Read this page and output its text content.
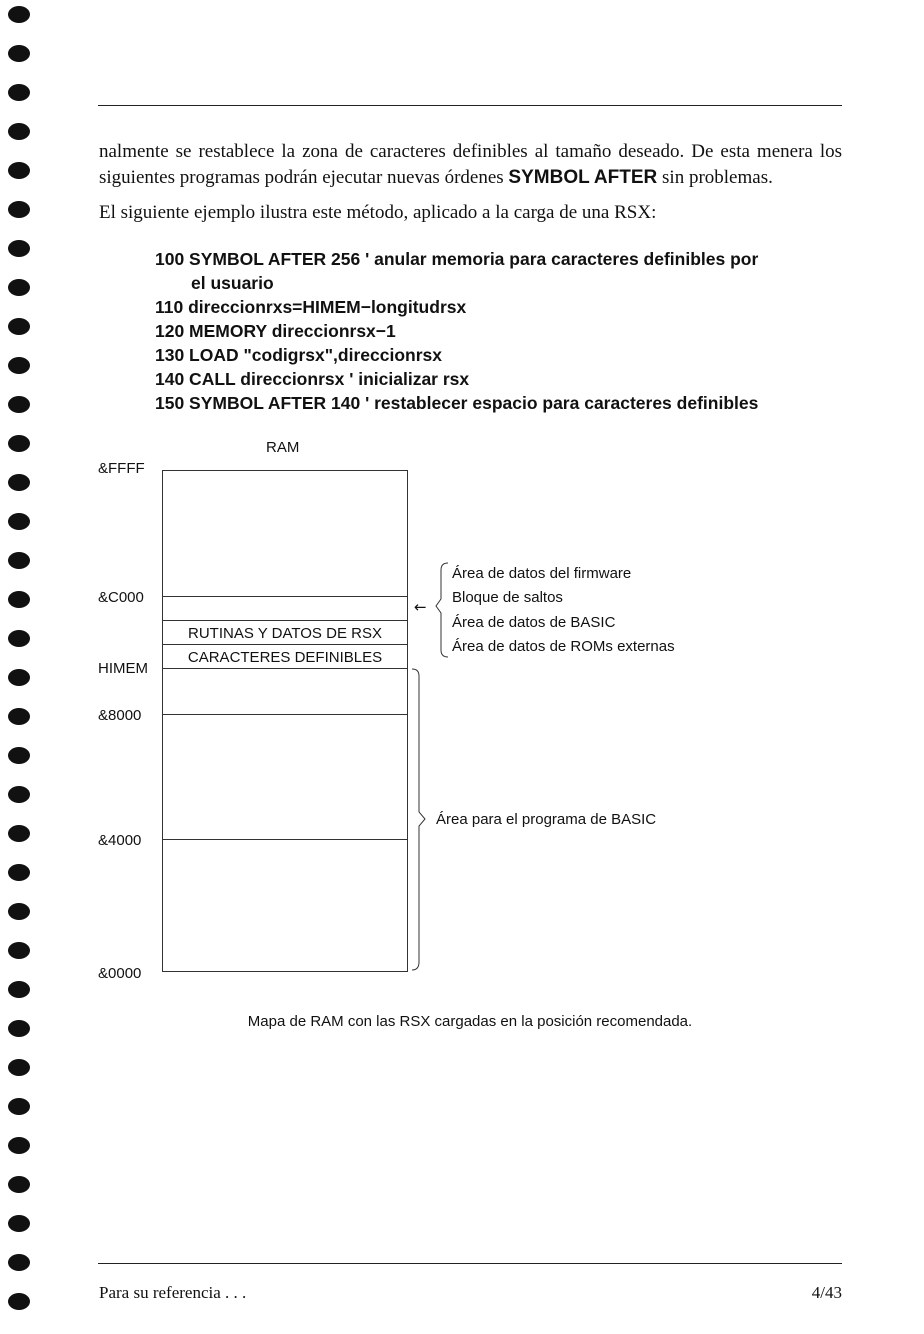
nalmente se restablece la zona de caracteres definibles al tamaño deseado. De esta menera los siguientes programas podrán ejecutar nuevas órdenes SYMBOL AFTER sin problemas.

El siguiente ejemplo ilustra este método, aplicado a la carga de una RSX:

100 SYMBOL AFTER 256 ' anular memoria para caracteres definibles por
el usuario
110 direccionrxs=HIMEM−longitudrsx
120 MEMORY direccionrsx−1
130 LOAD "codigrsx",direccionrsx
140 CALL direccionrsx ' inicializar rsx
150 SYMBOL AFTER 140 ' restablecer espacio para caracteres definibles
RAM
&FFFF
&C000
HIMEM
&8000
&4000
&0000
RUTINAS Y DATOS DE RSX
CARACTERES DEFINIBLES
←
Área de datos del firmware
Bloque de saltos
Área de datos de BASIC
Área de datos de ROMs externas
Área para el programa de BASIC
Mapa de RAM con las RSX cargadas en la posición recomendada.
Para su referencia . . .	4/43
